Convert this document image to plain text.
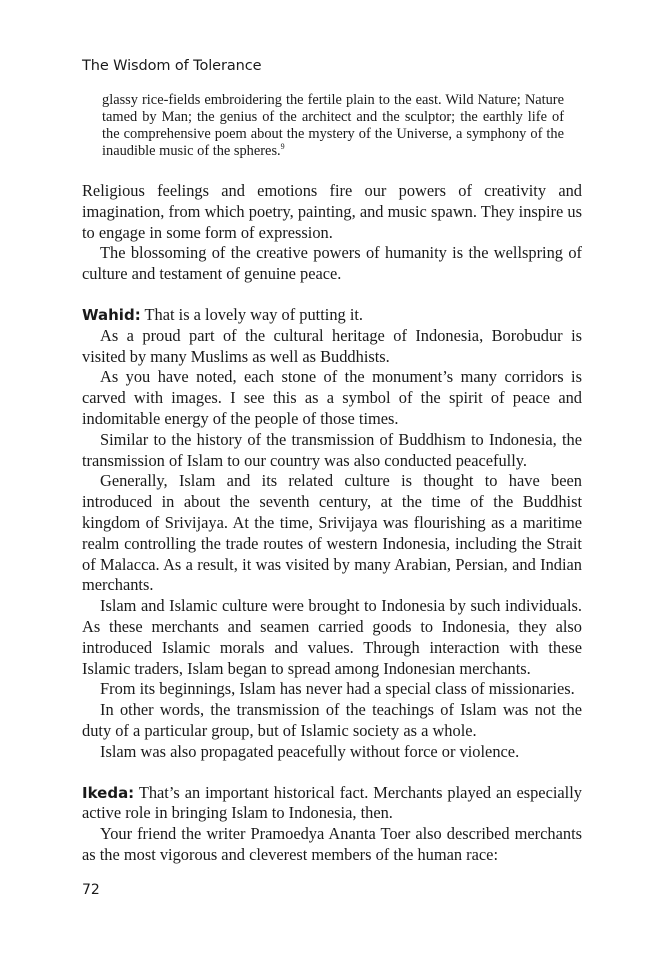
The Wisdom of Tolerance

glassy rice-fields embroidering the fertile plain to the east. Wild Nature; Nature tamed by Man; the genius of the architect and the sculptor; the earthly life of the comprehensive poem about the mystery of the Universe, a symphony of the inaudible music of the spheres.$^9$

Religious feelings and emotions fire our powers of creativity and imagination, from which poetry, painting, and music spawn. They inspire us to engage in some form of expression.

The blossoming of the creative powers of humanity is the wellspring of culture and testament of genuine peace.

Wahid: That is a lovely way of putting it.

As a proud part of the cultural heritage of Indonesia, Borobudur is visited by many Muslims as well as Buddhists.

As you have noted, each stone of the monument’s many corridors is carved with images. I see this as a symbol of the spirit of peace and indomitable energy of the people of those times.

Similar to the history of the transmission of Buddhism to Indonesia, the transmission of Islam to our country was also conducted peacefully.

Generally, Islam and its related culture is thought to have been introduced in about the seventh century, at the time of the Buddhist kingdom of Srivijaya. At the time, Srivijaya was flourishing as a maritime realm controlling the trade routes of western Indonesia, including the Strait of Malacca. As a result, it was visited by many Arabian, Persian, and Indian merchants.

Islam and Islamic culture were brought to Indonesia by such individuals. As these merchants and seamen carried goods to Indonesia, they also introduced Islamic morals and values. Through interaction with these Islamic traders, Islam began to spread among Indonesian merchants.

From its beginnings, Islam has never had a special class of missionaries.

In other words, the transmission of the teachings of Islam was not the duty of a particular group, but of Islamic society as a whole.

Islam was also propagated peacefully without force or violence.

Ikeda: That’s an important historical fact. Merchants played an especially active role in bringing Islam to Indonesia, then.

Your friend the writer Pramoedya Ananta Toer also described merchants as the most vigorous and cleverest members of the human race:

72
